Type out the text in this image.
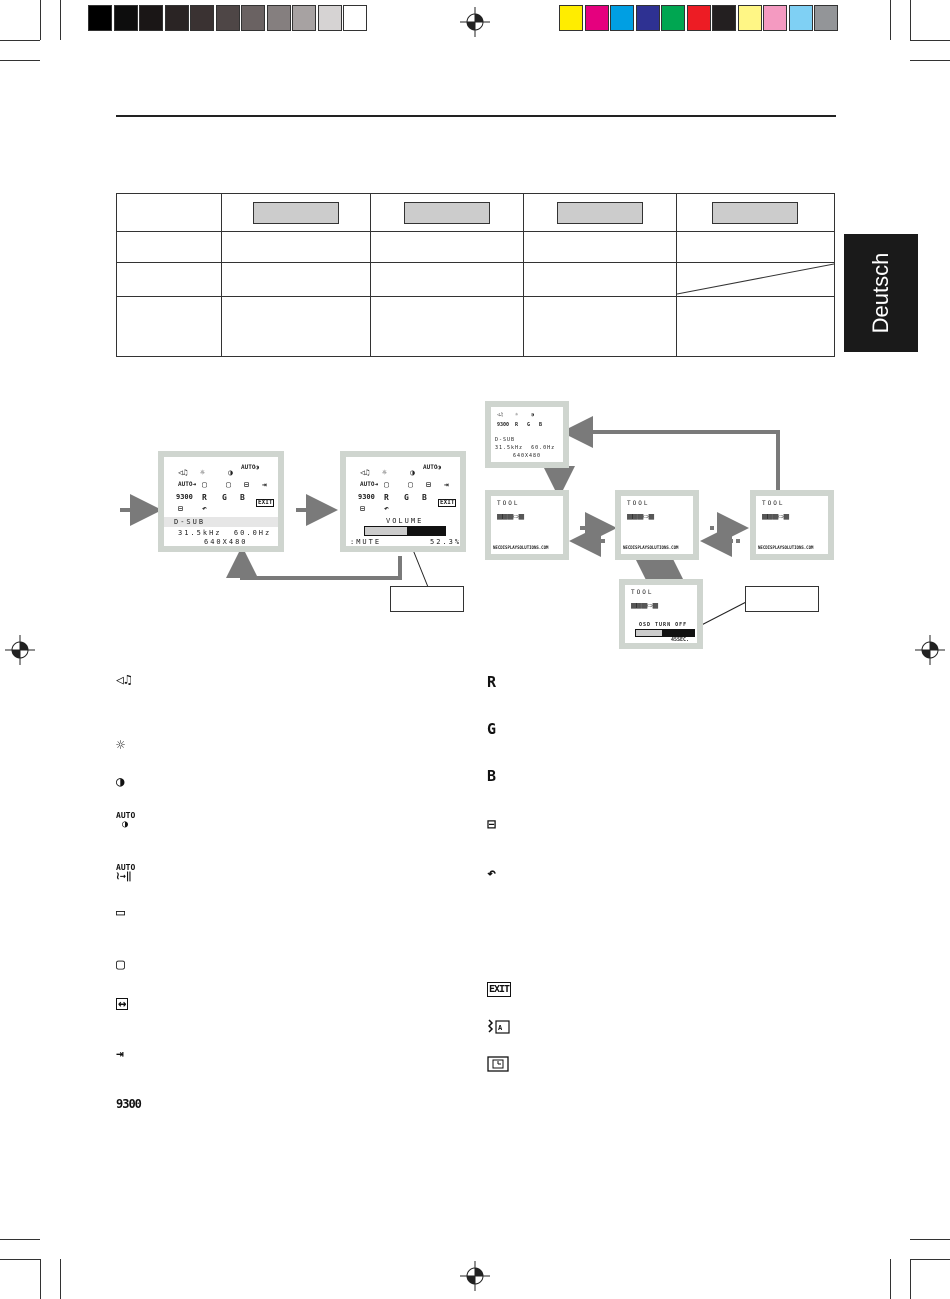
Deutsch
◁♫ ☼	◑
AUTO◑
AUTO⇥ ▢ ▢ ⊟ ⇥
9300 R G B
EXIT
⊟ ↶
D-SUB
31.5kHz  60.0Hz
640X480
◁♫ ☼	◑
AUTO◑
AUTO⇥ ▢ ▢ ⊟ ⇥
9300 R G B
EXIT
⊟ ↶
VOLUME
:MUTE	52.3%
◁♫ ☼	◑
9300 R G B
D-SUB
31.5kHz  60.0Hz
640X480
TOOL
▦▦▦⇨▦
NECDISPLAYSOLUTIONS.COM
TOOL
▦▦▦⇨▦
NECDISPLAYSOLUTIONS.COM
TOOL
▦▦▦⇨▦
NECDISPLAYSOLUTIONS.COM
TOOL
▦▦▦⇨▦
OSD TURN OFF
45SEC.
◁♫
☼
◑
AUTO
◑
AUTO
≀→‖
▭
▢
↔
⇥
9300
R
G
B
⊟
↶
EXIT
A
